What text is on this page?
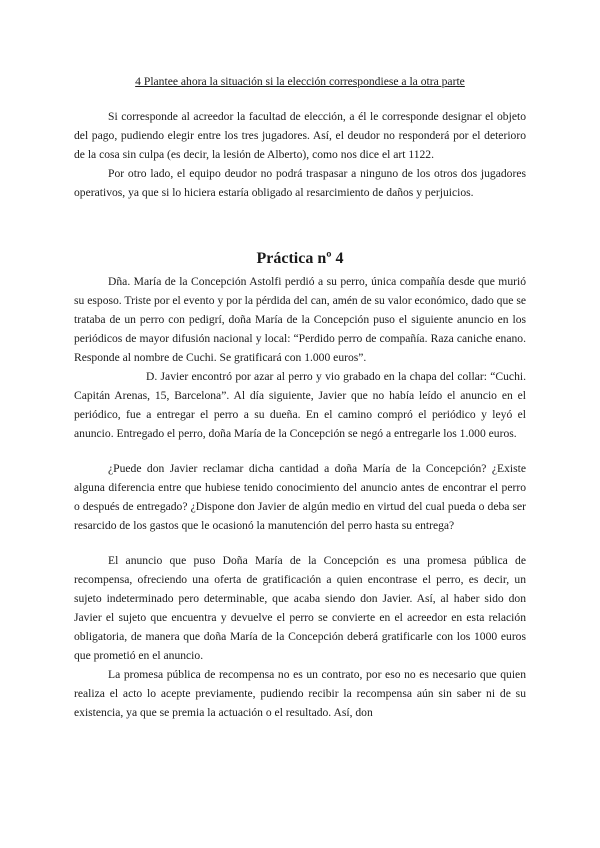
4 Plantee ahora la situación si la elección correspondiese a la otra parte

Si corresponde al acreedor la facultad de elección, a él le corresponde designar el objeto del pago, pudiendo elegir entre los tres jugadores. Así, el deudor no responderá por el deterioro de la cosa sin culpa (es decir, la lesión de Alberto), como nos dice el art 1122.

Por otro lado, el equipo deudor no podrá traspasar a ninguno de los otros dos jugadores operativos, ya que si lo hiciera estaría obligado al resarcimiento de daños y perjuicios.

Práctica nº 4

Dña. María de la Concepción Astolfi perdió a su perro, única compañía desde que murió su esposo. Triste por el evento y por la pérdida del can, amén de su valor económico, dado que se trataba de un perro con pedigrí, doña María de la Concepción puso el siguiente anuncio en los periódicos de mayor difusión nacional y local: “Perdido perro de compañía. Raza caniche enano. Responde al nombre de Cuchi. Se gratificará con 1.000 euros”.

D. Javier encontró por azar al perro y vio grabado en la chapa del collar: “Cuchi. Capitán Arenas, 15, Barcelona”. Al día siguiente, Javier que no había leído el anuncio en el periódico, fue a entregar el perro a su dueña. En el camino compró el periódico y leyó el anuncio. Entregado el perro, doña María de la Concepción se negó a entregarle los 1.000 euros.

¿Puede don Javier reclamar dicha cantidad a doña María de la Concepción? ¿Existe alguna diferencia entre que hubiese tenido conocimiento del anuncio antes de encontrar el perro o después de entregado? ¿Dispone don Javier de algún medio en virtud del cual pueda o deba ser resarcido de los gastos que le ocasionó la manutención del perro hasta su entrega?

El anuncio que puso Doña María de la Concepción es una promesa pública de recompensa, ofreciendo una oferta de gratificación a quien encontrase el perro, es decir, un sujeto indeterminado pero determinable, que acaba siendo don Javier. Así, al haber sido don Javier el sujeto que encuentra y devuelve el perro se convierte en el acreedor en esta relación obligatoria, de manera que doña María de la Concepción deberá gratificarle con los 1000 euros que prometió en el anuncio.

La promesa pública de recompensa no es un contrato, por eso no es necesario que quien realiza el acto lo acepte previamente, pudiendo recibir la recompensa aún sin saber ni de su existencia, ya que se premia la actuación o el resultado. Así, don
